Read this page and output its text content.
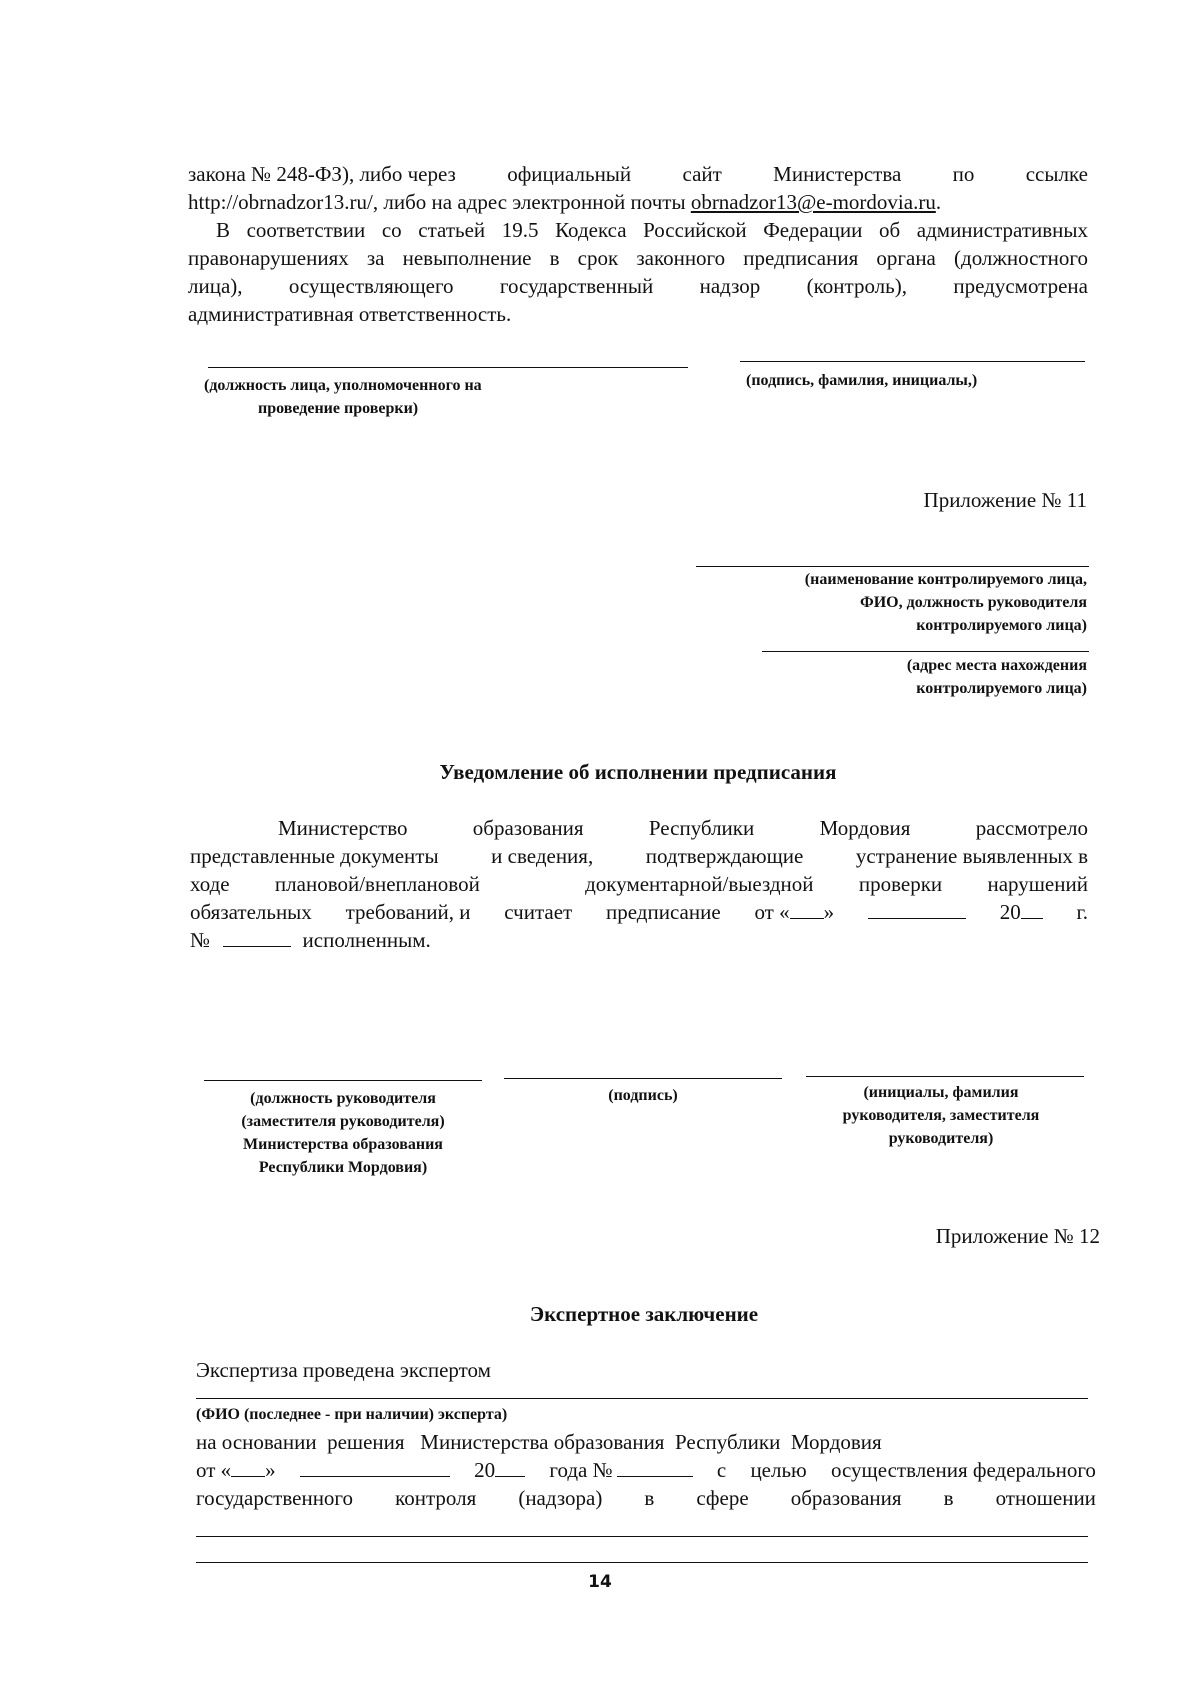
закона № 248-ФЗ), либо через официальный сайт Министерства по ссылке
http://obrnadzor13.ru/, либо на адрес электронной почты obrnadzor13@e-mordovia.ru.
В соответствии со статьей 19.5 Кодекса Российской Федерации об административных
правонарушениях за невыполнение в срок законного предписания органа (должностного
лица), осуществляющего государственный надзор (контроль), предусмотрена
административная ответственность.
(должность лица, уполномоченного на
проведение проверки)
(подпись, фамилия, инициалы,)
Приложение № 11
(наименование контролируемого лица,
ФИО, должность руководителя
контролируемого лица)
(адрес места нахождения
контролируемого лица)
Уведомление об исполнении предписания
Министерство	образования	Республики	Мордовия	рассмотрело
представленные документы	и сведения,	подтверждающие	устранение выявленных в
ходе плановой/внеплановой	документарной/выездной проверки нарушений
обязательных требований, и считает предписание от « »	20	г.
№	исполненным.
(должность руководителя
(заместителя руководителя)
Министерства образования
Республики Мордовия)
(подпись)	(инициалы, фамилия
руководителя, заместителя
руководителя)
Приложение № 12
Экспертное заключение
Экспертиза проведена экспертом
(ФИО (последнее - при наличии) эксперта)
на основании решения Министерства образования Республики Мордовия
от « »	20	года №	с целью осуществления федерального
государственного контроля (надзора) в сфере образования в отношении
14
